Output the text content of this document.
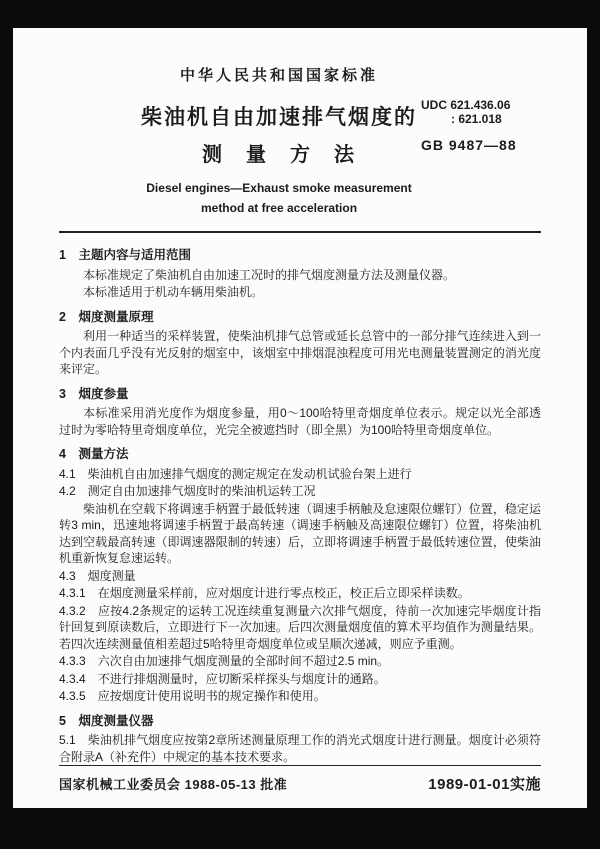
中华人民共和国国家标准
柴油机自由加速排气烟度的
测　量　方　法
Diesel engines—Exhaust smoke measurement
method at free acceleration
UDC 621.436.06
: 621.018
GB 9487—88
1　主题内容与适用范围
本标准规定了柴油机自由加速工况时的排气烟度测量方法及测量仪器。
本标准适用于机动车辆用柴油机。
2　烟度测量原理
利用一种适当的采样装置，使柴油机排气总管或延长总管中的一部分排气连续进入到一个内表面几乎没有光反射的烟室中，该烟室中排烟混浊程度可用光电测量装置测定的消光度来评定。
3　烟度参量
本标准采用消光度作为烟度参量，用0～100哈特里奇烟度单位表示。规定以光全部透过时为零哈特里奇烟度单位，光完全被遮挡时（即全黑）为100哈特里奇烟度单位。
4　测量方法
4.1　柴油机自由加速排气烟度的测定规定在发动机试验台架上进行
4.2　测定自由加速排气烟度时的柴油机运转工况
柴油机在空载下将调速手柄置于最低转速（调速手柄触及怠速限位螺钉）位置，稳定运转3 min，迅速地将调速手柄置于最高转速（调速手柄触及高速限位螺钉）位置，将柴油机达到空载最高转速（即调速器限制的转速）后，立即将调速手柄置于最低转速位置，使柴油机重新恢复怠速运转。
4.3　烟度测量
4.3.1　在烟度测量采样前，应对烟度计进行零点校正，校正后立即采样读数。
4.3.2　应按4.2条规定的运转工况连续重复测量六次排气烟度，待前一次加速完毕烟度计指针回复到原读数后，立即进行下一次加速。后四次测量烟度值的算术平均值作为测量结果。若四次连续测量值相差超过5哈特里奇烟度单位或呈顺次递减，则应予重测。
4.3.3　六次自由加速排气烟度测量的全部时间不超过2.5 min。
4.3.4　不进行排烟测量时，应切断采样探头与烟度计的通路。
4.3.5　应按烟度计使用说明书的规定操作和使用。
5　烟度测量仪器
5.1　柴油机排气烟度应按第2章所述测量原理工作的消光式烟度计进行测量。烟度计必须符合附录A（补充件）中规定的基本技术要求。
国家机械工业委员会 1988-05-13 批准	1989-01-01实施
